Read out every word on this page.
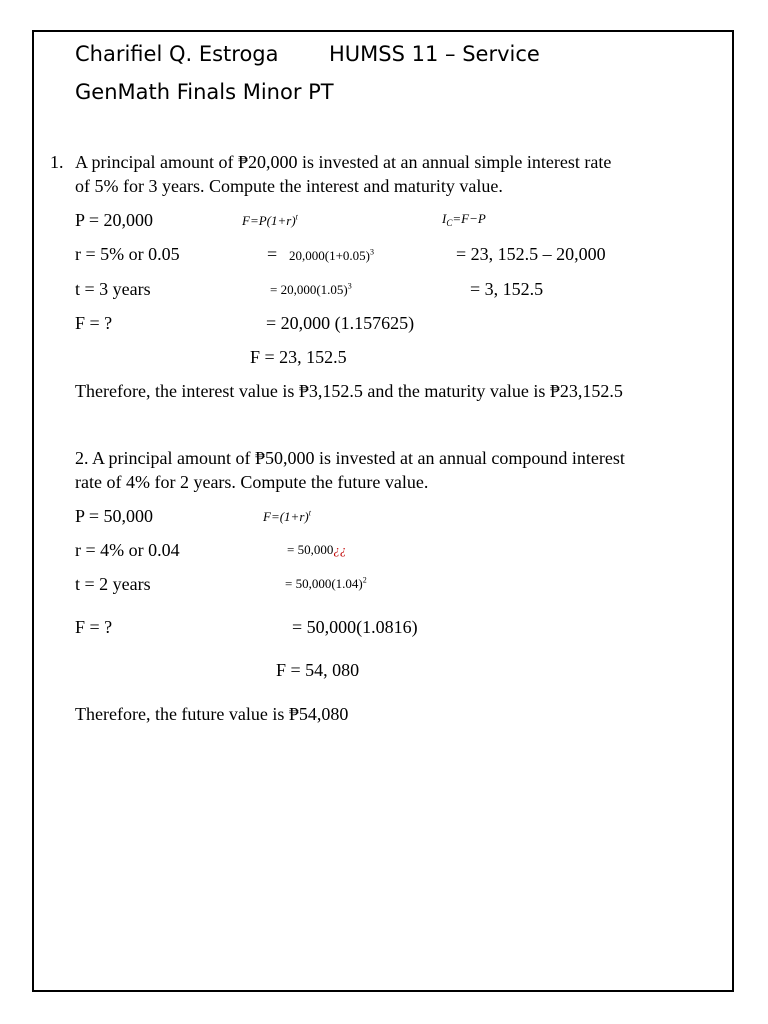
Charifiel Q. Estroga HUMSS 11 – Service
GenMath Finals Minor PT
1. A principal amount of ₱20,000 is invested at an annual simple interest rate
of 5% for 3 years. Compute the interest and maturity value.
P = 20,000
r = 5% or 0.05
t = 3 years
F = ?
$F=P(1+r)^t$
= $20,000(1+0.05)^3$
= $20,000(1.05)^3$
= 20,000 (1.157625)
F = 23, 152.5
$I_C=F-P$
= 23, 152.5 – 20,000
= 3, 152.5
Therefore, the interest value is ₱3,152.5 and the maturity value is ₱23,152.5
2. A principal amount of ₱50,000 is invested at an annual compound interest
rate of 4% for 2 years. Compute the future value.
P = 50,000
r = 4% or 0.04
t = 2 years
F = ?
$F=(1+r)^t$
= 50,000¿¿
= $50,000(1.04)^2$
= 50,000(1.0816)
F = 54, 080
Therefore, the future value is ₱54,080
